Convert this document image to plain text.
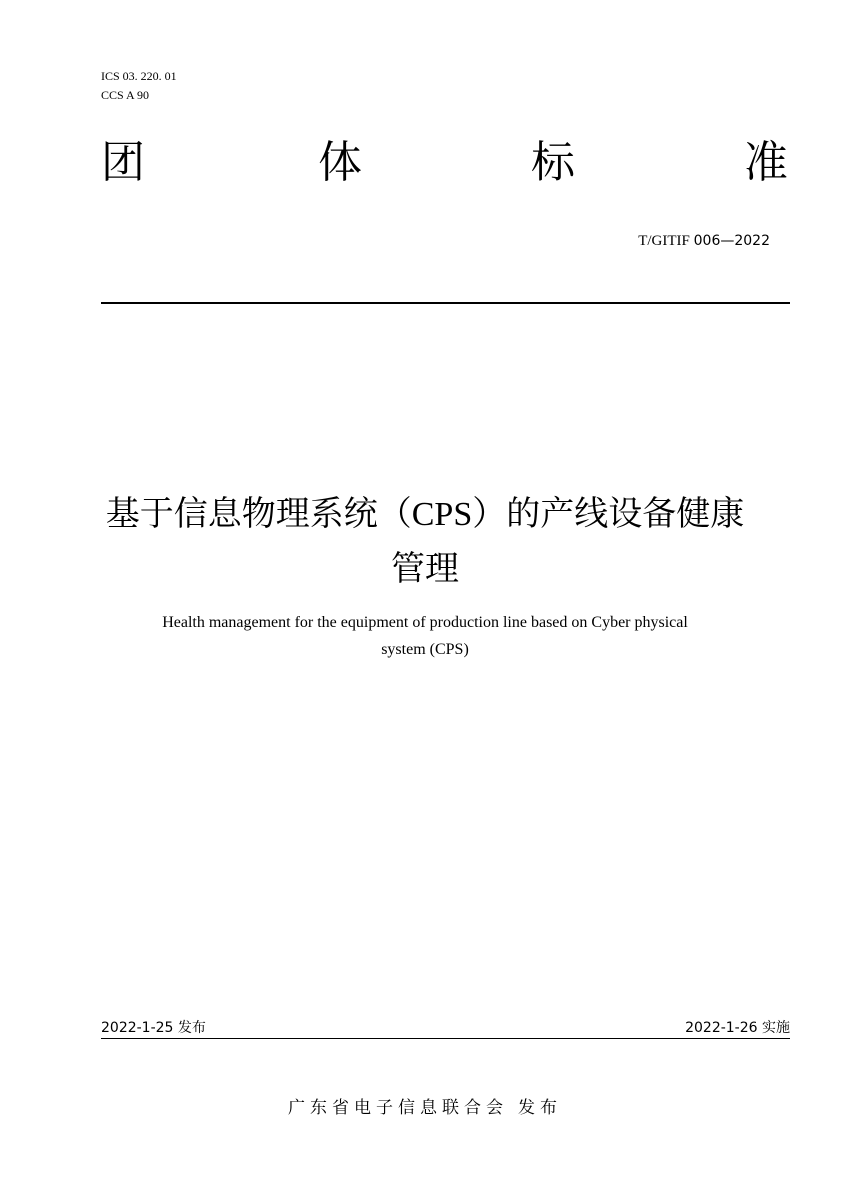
ICS 03. 220. 01
CCS A 90
团	体	标	准
T/GITIF 006—2022
基于信息物理系统（CPS）的产线设备健康
管理
Health management for the equipment of production line based on Cyber physical
system (CPS)
2022-1-25 发布	2022-1-26 实施
广东省电子信息联合会 发布
